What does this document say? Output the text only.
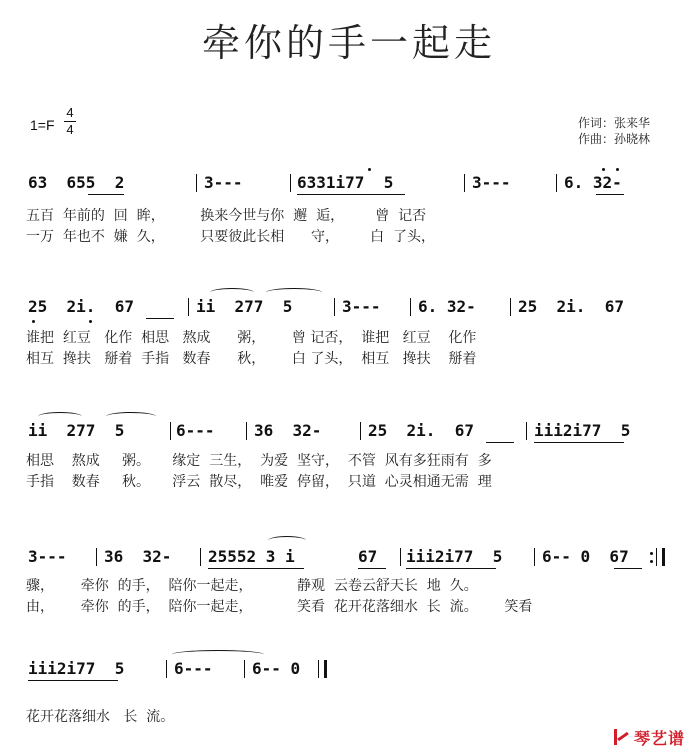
牵你的手一起走
1=F
4
4	作词：张来华
作曲：孙晓林
63  655  2	3---	6331i77  5	3---	6. 32-
五百  年前的  回  眸，        换来今世与你  邂  逅，       曾  记否
一万  年也不  嫌  久，        只要彼此长相      守，       白  了头，
25  2i.  67	ii  277  5	3--- 6. 32-	25  2i.  67
谁把  红豆   化作  相思   熬成      粥，      曾 记否，  谁把   红豆    化作
相互  搀扶   掰着  手指   数春      秋，      白 了头，  相互   搀扶    掰着
ii  277  5	6--- 36  32-	25  2i.  67	iii2i77  5
相思    熬成     粥。     缘定  三生，  为爱  坚守，  不管  风有多狂雨有  多
手指    数春     秋。     浮云  散尽，  唯爱  停留，  只道  心灵相通无需  理
3--- 36  32- 25552 3 i	67 iii2i77  5 6-- 0  67
骤，      牵你  的手，  陪你一起走，          静观  云卷云舒天长  地  久。
由，      牵你  的手，  陪你一起走，          笑看  花开花落细水  长  流。      笑看
iii2i77  5	6--- 6-- 0
花开花落细水   长  流。
琴艺谱
